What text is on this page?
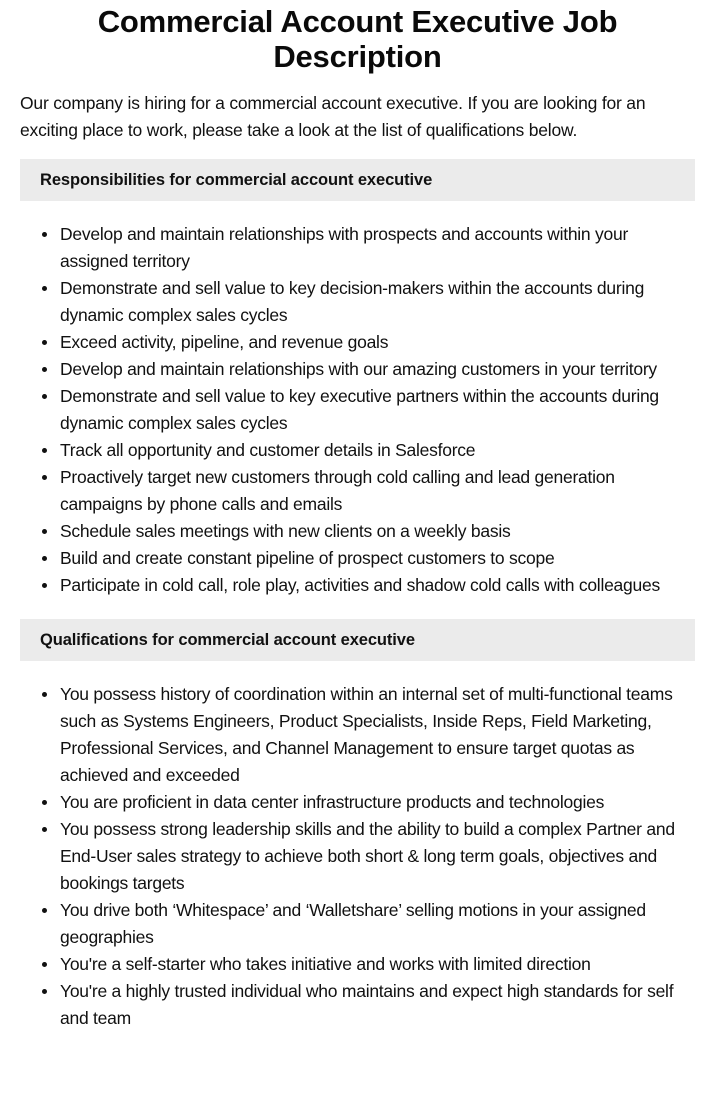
Commercial Account Executive Job Description

Our company is hiring for a commercial account executive. If you are looking for an exciting place to work, please take a look at the list of qualifications below.

Responsibilities for commercial account executive
Develop and maintain relationships with prospects and accounts within your assigned territory
Demonstrate and sell value to key decision-makers within the accounts during dynamic complex sales cycles
Exceed activity, pipeline, and revenue goals
Develop and maintain relationships with our amazing customers in your territory
Demonstrate and sell value to key executive partners within the accounts during dynamic complex sales cycles
Track all opportunity and customer details in Salesforce
Proactively target new customers through cold calling and lead generation campaigns by phone calls and emails
Schedule sales meetings with new clients on a weekly basis
Build and create constant pipeline of prospect customers to scope
Participate in cold call, role play, activities and shadow cold calls with colleagues
Qualifications for commercial account executive
You possess history of coordination within an internal set of multi-functional teams such as Systems Engineers, Product Specialists, Inside Reps, Field Marketing, Professional Services, and Channel Management to ensure target quotas as achieved and exceeded
You are proficient in data center infrastructure products and technologies
You possess strong leadership skills and the ability to build a complex Partner and End-User sales strategy to achieve both short & long term goals, objectives and bookings targets
You drive both ‘Whitespace’ and ‘Walletshare’ selling motions in your assigned geographies
You're a self-starter who takes initiative and works with limited direction
You're a highly trusted individual who maintains and expect high standards for self and team
